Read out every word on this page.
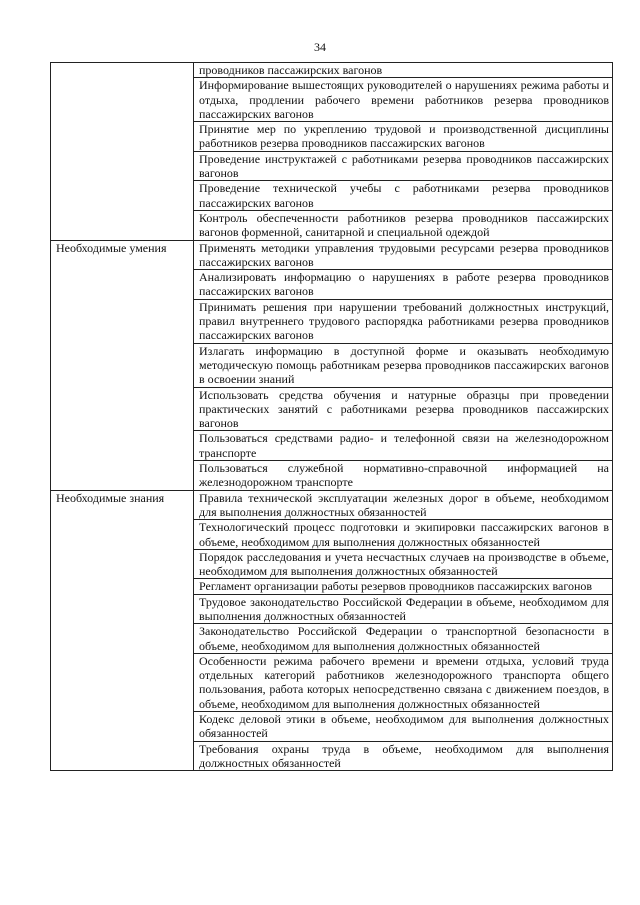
34
	проводников пассажирских вагонов
	Информирование вышестоящих руководителей о нарушениях режима работы и отдыха, продлении рабочего времени работников резерва проводников пассажирских вагонов
	Принятие мер по укреплению трудовой и производственной дисциплины работников резерва проводников пассажирских вагонов
	Проведение инструктажей с работниками резерва проводников пассажирских вагонов
	Проведение технической учебы с работниками резерва проводников пассажирских вагонов
	Контроль обеспеченности работников резерва проводников пассажирских вагонов форменной, санитарной и специальной одеждой
Необходимые умения	Применять методики управления трудовыми ресурсами резерва проводников пассажирских вагонов
	Анализировать информацию о нарушениях в работе резерва проводников пассажирских вагонов
	Принимать решения при нарушении требований должностных инструкций, правил внутреннего трудового распорядка работниками резерва проводников пассажирских вагонов
	Излагать информацию в доступной форме и оказывать необходимую методическую помощь работникам резерва проводников пассажирских вагонов в освоении знаний
	Использовать средства обучения и натурные образцы при проведении практических занятий с работниками резерва проводников пассажирских вагонов
	Пользоваться средствами радио- и телефонной связи на железнодорожном транспорте
	Пользоваться служебной нормативно-справочной информацией на железнодорожном транспорте
Необходимые знания	Правила технической эксплуатации железных дорог в объеме, необходимом для выполнения должностных обязанностей
	Технологический процесс подготовки и экипировки пассажирских вагонов в объеме, необходимом для выполнения должностных обязанностей
	Порядок расследования и учета несчастных случаев на производстве в объеме, необходимом для выполнения должностных обязанностей
	Регламент организации работы резервов проводников пассажирских вагонов
	Трудовое законодательство Российской Федерации в объеме, необходимом для выполнения должностных обязанностей
	Законодательство Российской Федерации о транспортной безопасности в объеме, необходимом для выполнения должностных обязанностей
	Особенности режима рабочего времени и времени отдыха, условий труда отдельных категорий работников железнодорожного транспорта общего пользования, работа которых непосредственно связана с движением поездов, в объеме, необходимом для выполнения должностных обязанностей
	Кодекс деловой этики в объеме, необходимом для выполнения должностных обязанностей
	Требования охраны труда в объеме, необходимом для выполнения должностных обязанностей
